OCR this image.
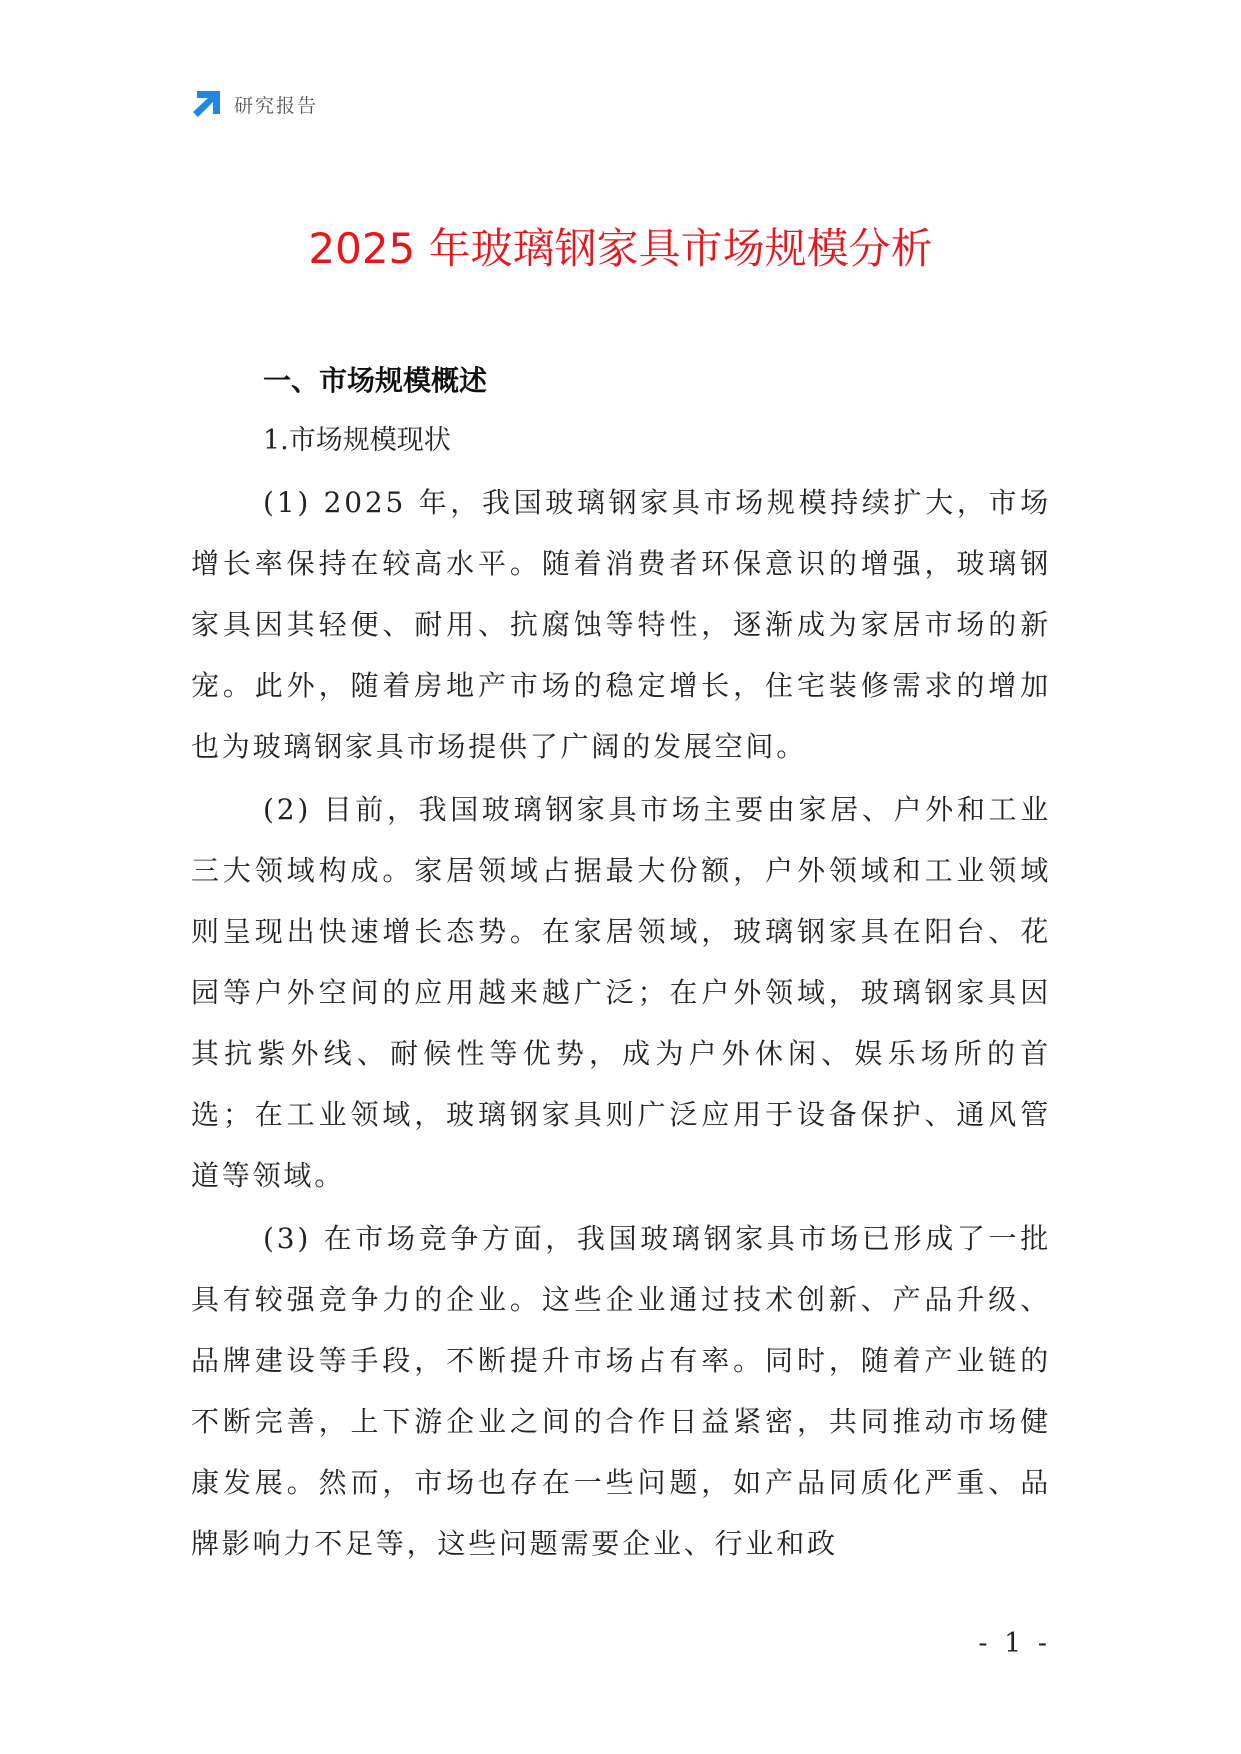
研究报告
2025 年玻璃钢家具市场规模分析
一、市场规模概述
1.市场规模现状

(1) 2025 年，我国玻璃钢家具市场规模持续扩大，市场增长率保持在较高水平。随着消费者环保意识的增强，玻璃钢家具因其轻便、耐用、抗腐蚀等特性，逐渐成为家居市场的新宠。此外，随着房地产市场的稳定增长，住宅装修需求的增加也为玻璃钢家具市场提供了广阔的发展空间。

(2) 目前，我国玻璃钢家具市场主要由家居、户外和工业三大领域构成。家居领域占据最大份额，户外领域和工业领域则呈现出快速增长态势。在家居领域，玻璃钢家具在阳台、花园等户外空间的应用越来越广泛；在户外领域，玻璃钢家具因其抗紫外线、耐候性等优势，成为户外休闲、娱乐场所的首选；在工业领域，玻璃钢家具则广泛应用于设备保护、通风管道等领域。

(3) 在市场竞争方面，我国玻璃钢家具市场已形成了一批具有较强竞争力的企业。这些企业通过技术创新、产品升级、品牌建设等手段，不断提升市场占有率。同时，随着产业链的不断完善，上下游企业之间的合作日益紧密，共同推动市场健康发展。然而，市场也存在一些问题，如产品同质化严重、品牌影响力不足等，这些问题需要企业、行业和政

- 1 -
